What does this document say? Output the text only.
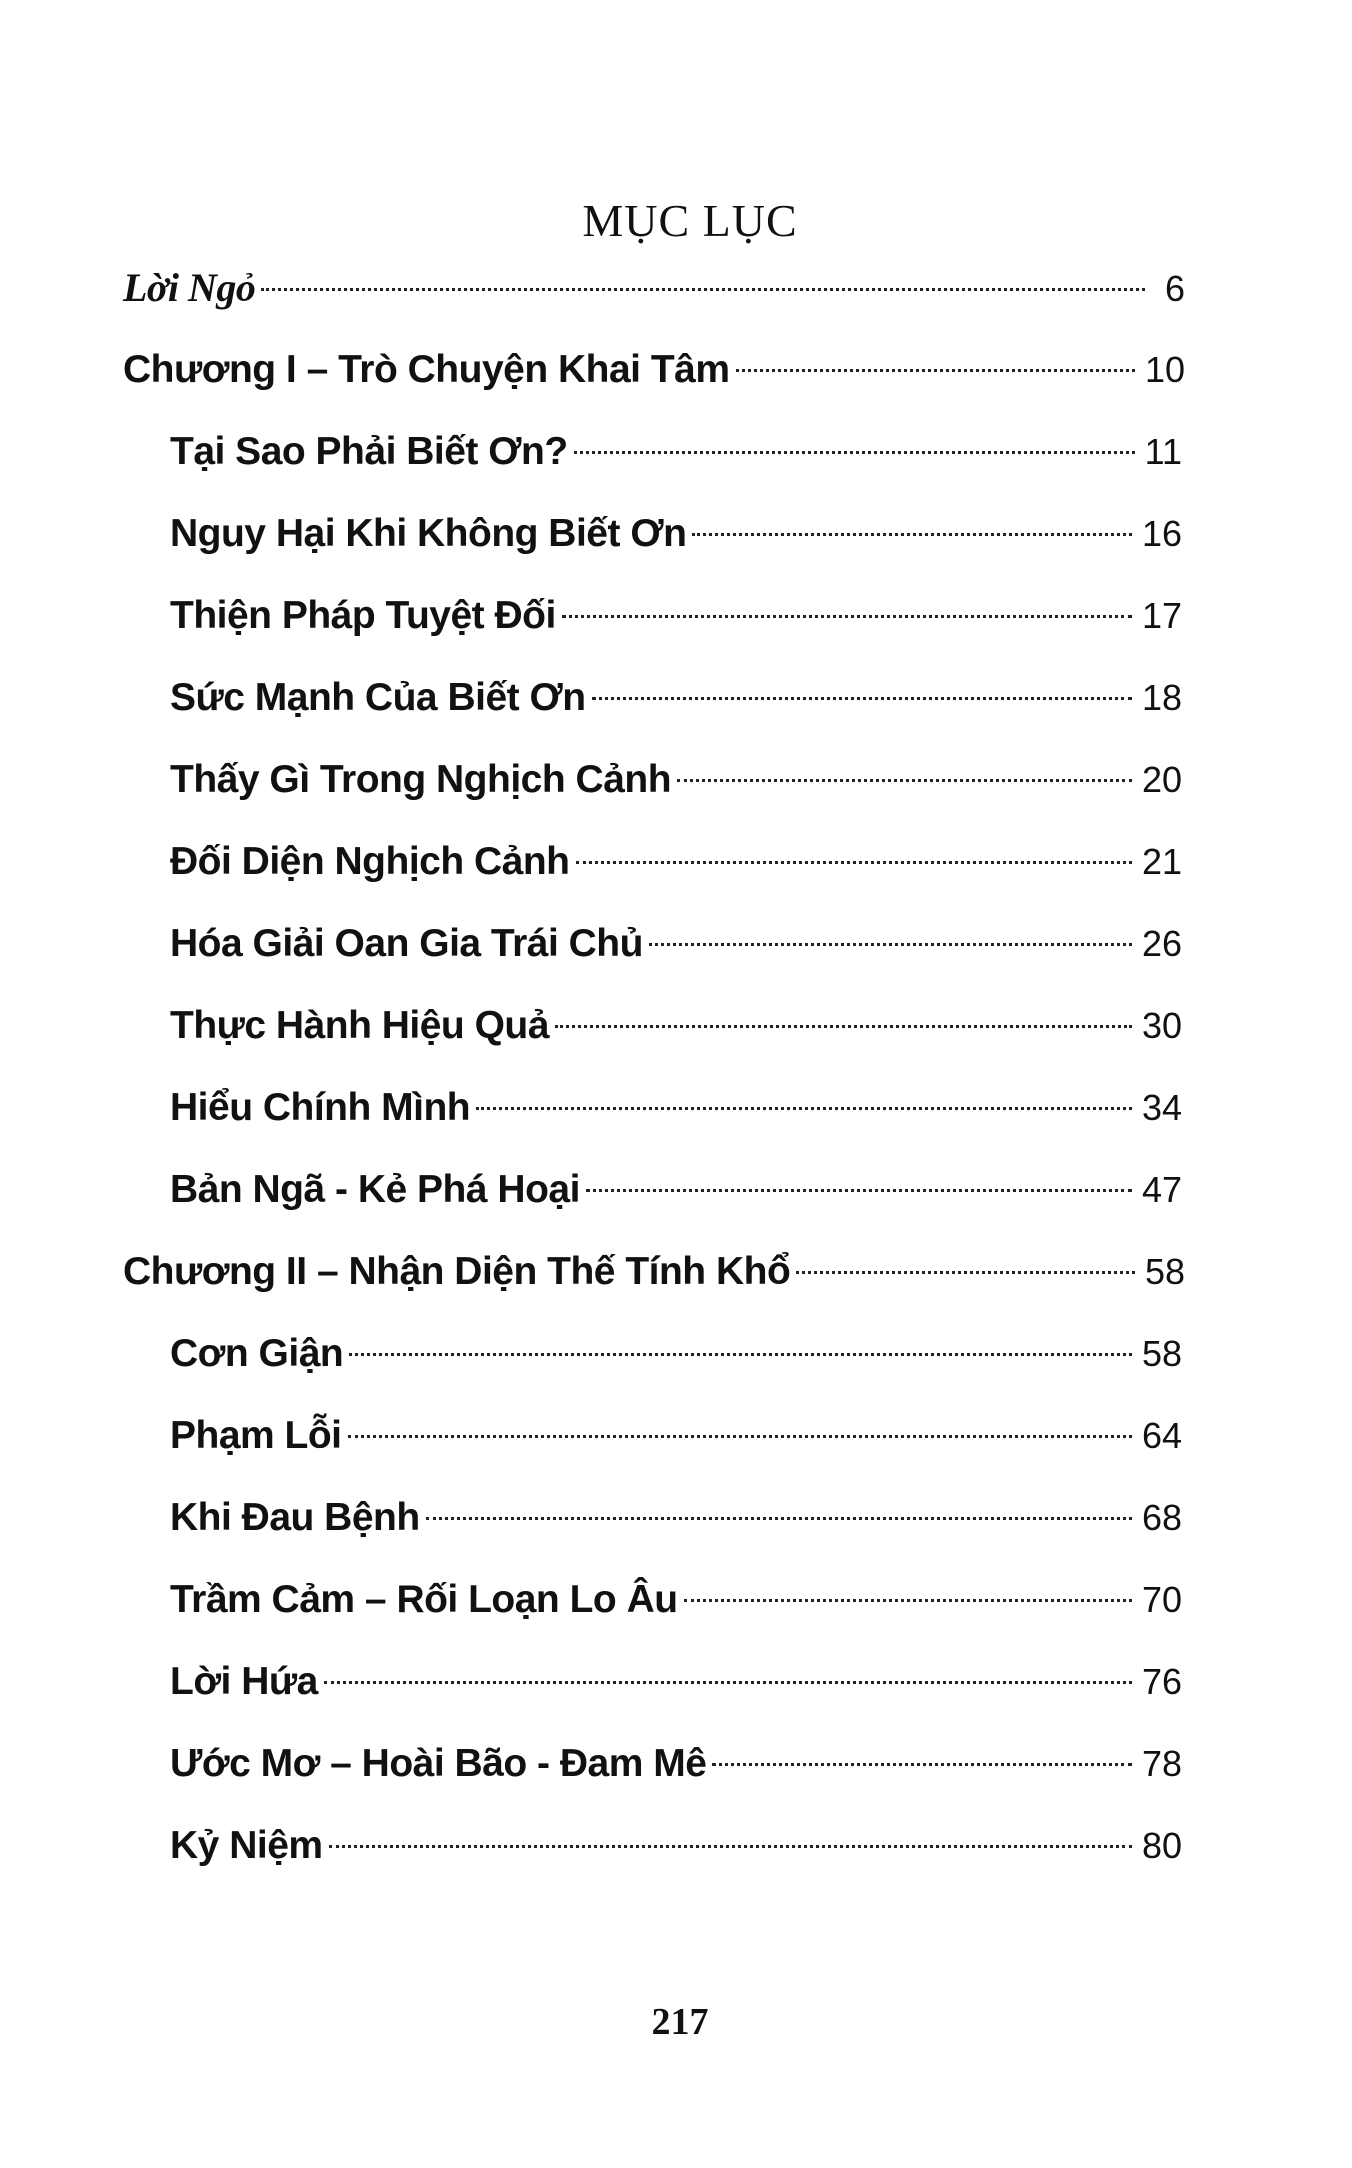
MỤC LỤC
Lời Ngỏ	6
Chương I – Trò Chuyện Khai Tâm	10
Tại Sao Phải Biết Ơn?	11
Nguy Hại Khi Không Biết Ơn	16
Thiện Pháp Tuyệt Đối	17
Sức Mạnh Của Biết Ơn	18
Thấy Gì Trong Nghịch Cảnh	20
Đối Diện Nghịch Cảnh	21
Hóa Giải Oan Gia Trái Chủ	26
Thực Hành Hiệu Quả	30
Hiểu Chính Mình	34
Bản Ngã - Kẻ Phá Hoại	47
Chương II – Nhận Diện Thế Tính Khổ	58
Cơn Giận	58
Phạm Lỗi	64
Khi Đau Bệnh	68
Trầm Cảm – Rối Loạn Lo Âu	70
Lời Hứa	76
Ước Mơ – Hoài Bão - Đam Mê	78
Kỷ Niệm	80
217
